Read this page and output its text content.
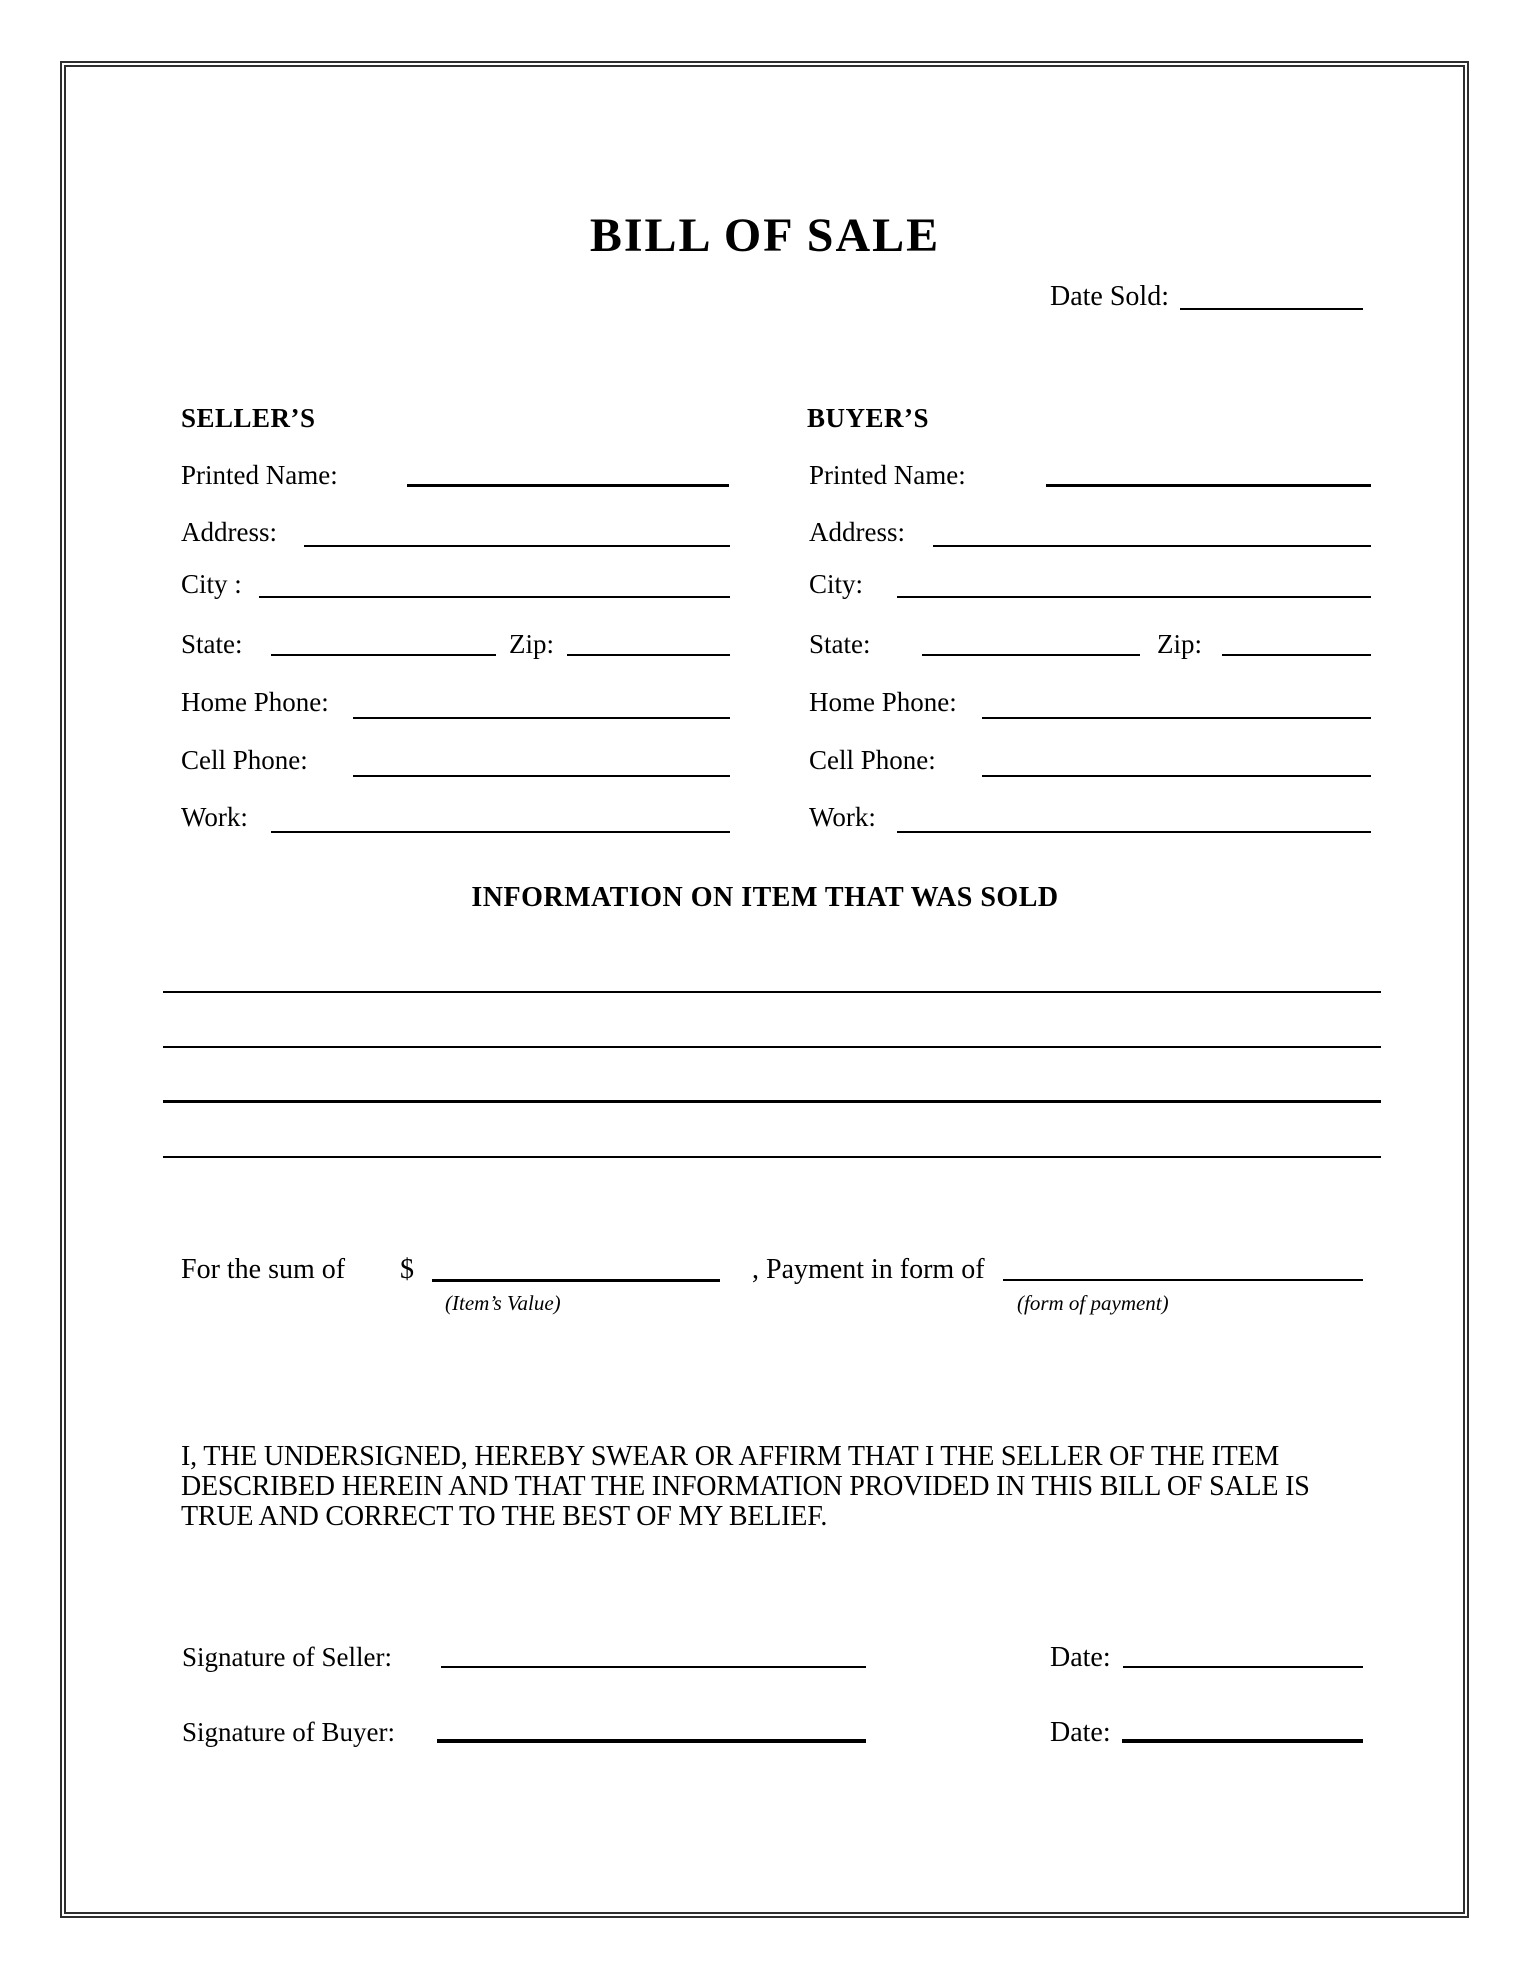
BILL OF SALE
Date Sold:
SELLER’S
Printed Name:
Address:
City :
State:	Zip:
Home Phone:
Cell Phone:
Work:
BUYER’S
Printed Name:
Address:
City:
State:	Zip:
Home Phone:
Cell Phone:
Work:
INFORMATION ON ITEM THAT WAS SOLD
For the sum of $
(Item’s Value)
, Payment in form of
(form of payment)
I, THE UNDERSIGNED, HEREBY SWEAR OR AFFIRM THAT I THE SELLER OF THE ITEM
DESCRIBED HEREIN AND THAT THE INFORMATION PROVIDED IN THIS BILL OF SALE IS
TRUE AND CORRECT TO THE BEST OF MY BELIEF.
Signature of Seller:	Date:
Signature of Buyer:	Date:
